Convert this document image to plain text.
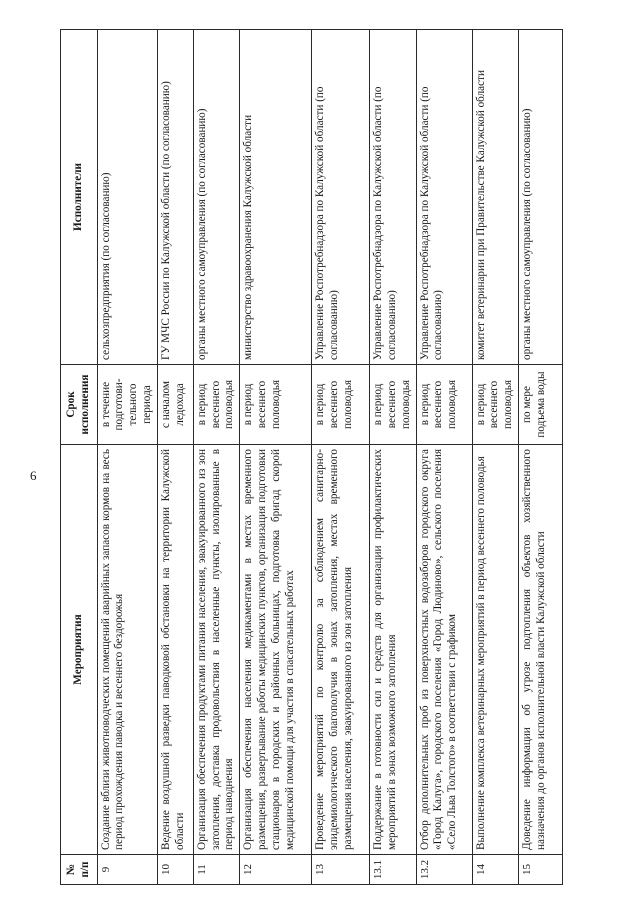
6
№ п/п	Мероприятия	Срок исполнения	Исполнители
9	Создание вблизи животноводческих помещений аварийных запасов кормов на весь период прохождения паводка и весеннего бездорожья	в течение подготови-тельного периода	сельхозпредприятия (по согласованию)
10	Ведение воздушной разведки паводковой обстановки на территории Калужской области	с началом ледохода	ГУ МЧС России по Калужской области (по согласованию)
11	Организация обеспечения продуктами питания населения, эвакуированного из зон затопления, доставка продовольствия в населенные пункты, изолированные в период наводнения	в период весеннего половодья	органы местного самоуправления (по согласованию)
12	Организация обеспечения населения медикаментами в местах временного размещения, развертывание работы медицинских пунктов, организация подготовки стационаров в городских и районных больницах, подготовка бригад скорой медицинской помощи для участия в спасательных работах	в период весеннего половодья	министерство здравоохранения Калужской области
13	Проведение мероприятий по контролю за соблюдением санитарно-эпидемиологического благополучия в зонах затопления, местах временного размещения населения, эвакуированного из зон затопления	в период весеннего половодья	Управление Роспотребнадзора по Калужской области (по согласованию)
13.1	Поддержание в готовности сил и средств для организации профилактических мероприятий в зонах возможного затопления	в период весеннего половодья	Управление Роспотребнадзора по Калужской области (по согласованию)
13.2	Отбор дополнительных проб из поверхностных водозаборов городского округа «Город Калуга», городского поселения «Город Людиново», сельского поселения «Село Льва Толстого» в соответствии с графиком	в период весеннего половодья	Управление Роспотребнадзора по Калужской области (по согласованию)
14	Выполнение комплекса ветеринарных мероприятий в период весеннего половодья	в период весеннего половодья	комитет ветеринарии при Правительстве Калужской области
15	Доведение информации об угрозе подтопления объектов хозяйственного назначения до органов исполнительной власти Калужской области	по мере подъема воды	органы местного самоуправления (по согласованию)
